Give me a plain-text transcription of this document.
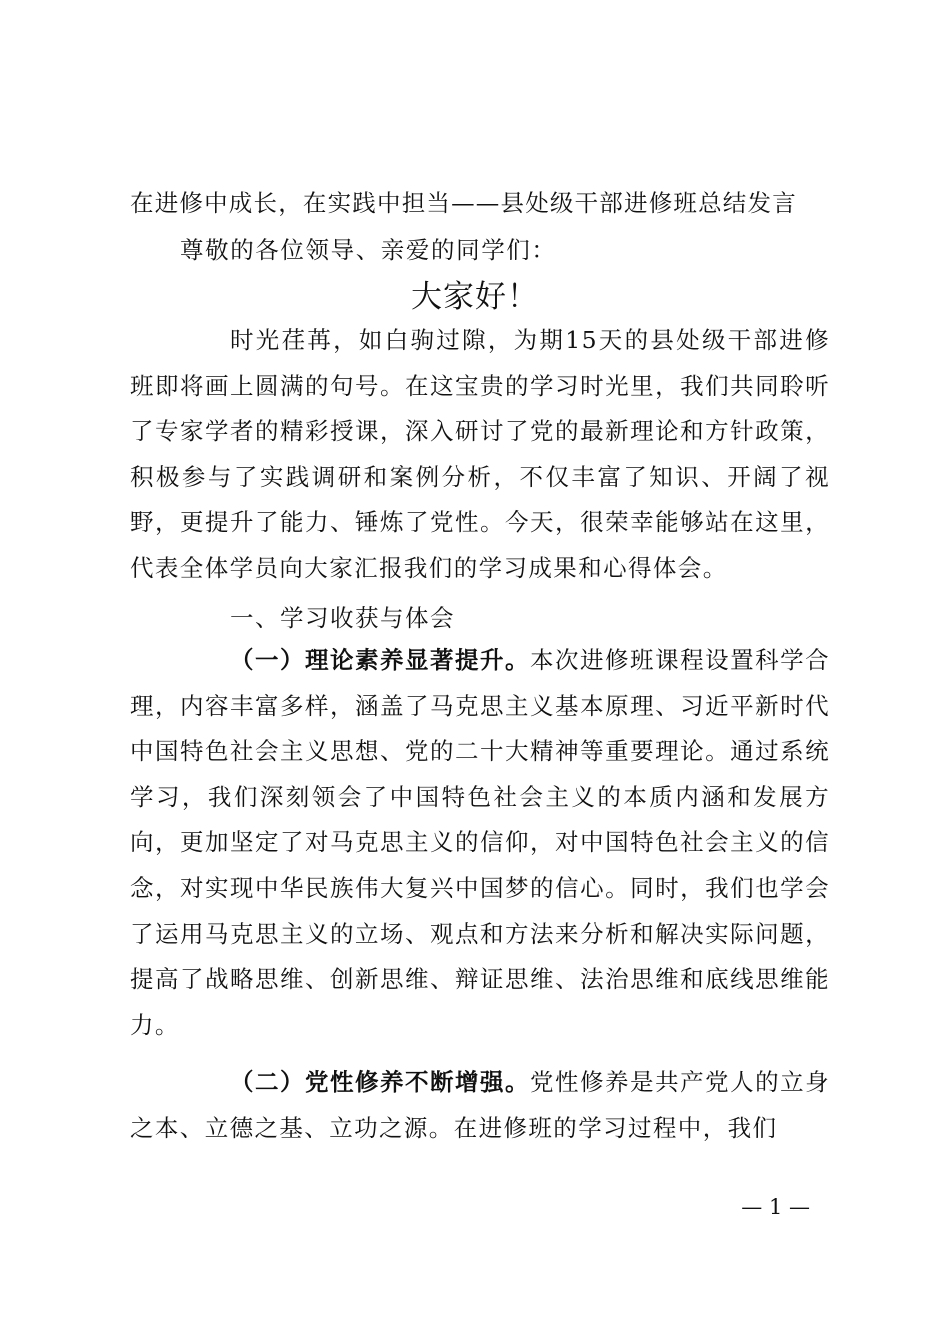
在进修中成长，在实践中担当——县处级干部进修班总结发言
尊敬的各位领导、亲爱的同学们：
大家好！
时光荏苒，如白驹过隙，为期15天的县处级干部进修班即将画上圆满的句号。在这宝贵的学习时光里，我们共同聆听了专家学者的精彩授课，深入研讨了党的最新理论和方针政策，积极参与了实践调研和案例分析，不仅丰富了知识、开阔了视野，更提升了能力、锤炼了党性。今天，很荣幸能够站在这里，代表全体学员向大家汇报我们的学习成果和心得体会。
一、学习收获与体会
（一）理论素养显著提升。本次进修班课程设置科学合理，内容丰富多样，涵盖了马克思主义基本原理、习近平新时代中国特色社会主义思想、党的二十大精神等重要理论。通过系统学习，我们深刻领会了中国特色社会主义的本质内涵和发展方向，更加坚定了对马克思主义的信仰，对中国特色社会主义的信念，对实现中华民族伟大复兴中国梦的信心。同时，我们也学会了运用马克思主义的立场、观点和方法来分析和解决实际问题，提高了战略思维、创新思维、辩证思维、法治思维和底线思维能力。
（二）党性修养不断增强。党性修养是共产党人的立身之本、立德之基、立功之源。在进修班的学习过程中，我们
— 1 —
